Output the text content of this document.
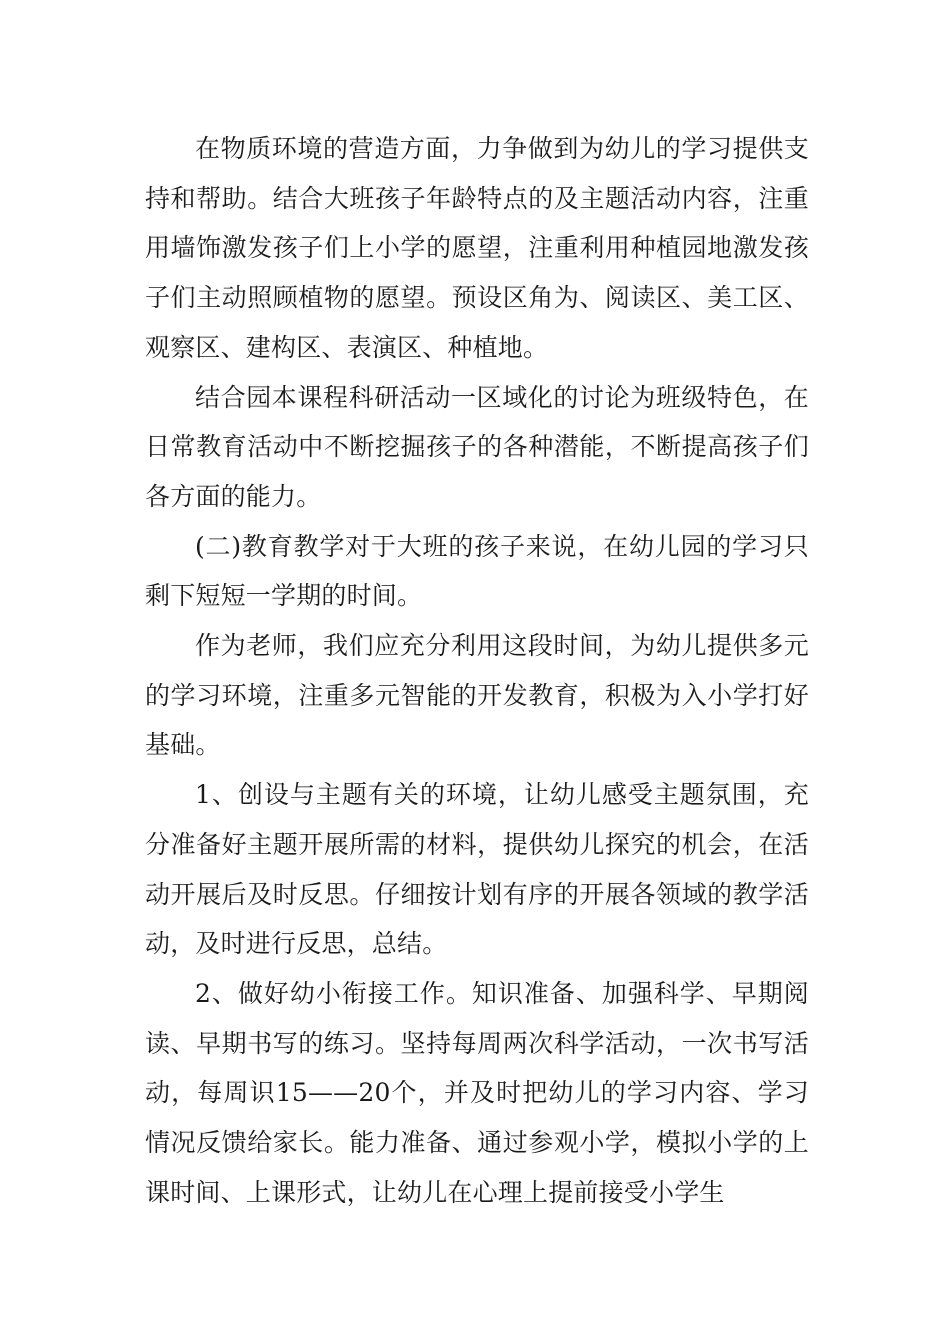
在物质环境的营造方面，力争做到为幼儿的学习提供支持和帮助。结合大班孩子年龄特点的及主题活动内容，注重用墙饰激发孩子们上小学的愿望，注重利用种植园地激发孩子们主动照顾植物的愿望。预设区角为、阅读区、美工区、观察区、建构区、表演区、种植地。

结合园本课程科研活动一区域化的讨论为班级特色，在日常教育活动中不断挖掘孩子的各种潜能，不断提高孩子们各方面的能力。

(二)教育教学对于大班的孩子来说，在幼儿园的学习只剩下短短一学期的时间。

作为老师，我们应充分利用这段时间，为幼儿提供多元的学习环境，注重多元智能的开发教育，积极为入小学打好基础。

1、创设与主题有关的环境，让幼儿感受主题氛围，充分准备好主题开展所需的材料，提供幼儿探究的机会，在活动开展后及时反思。仔细按计划有序的开展各领域的教学活动，及时进行反思，总结。

2、做好幼小衔接工作。知识准备、加强科学、早期阅读、早期书写的练习。坚持每周两次科学活动，一次书写活动，每周识15——20个，并及时把幼儿的学习内容、学习情况反馈给家长。能力准备、通过参观小学，模拟小学的上课时间、上课形式，让幼儿在心理上提前接受小学生
